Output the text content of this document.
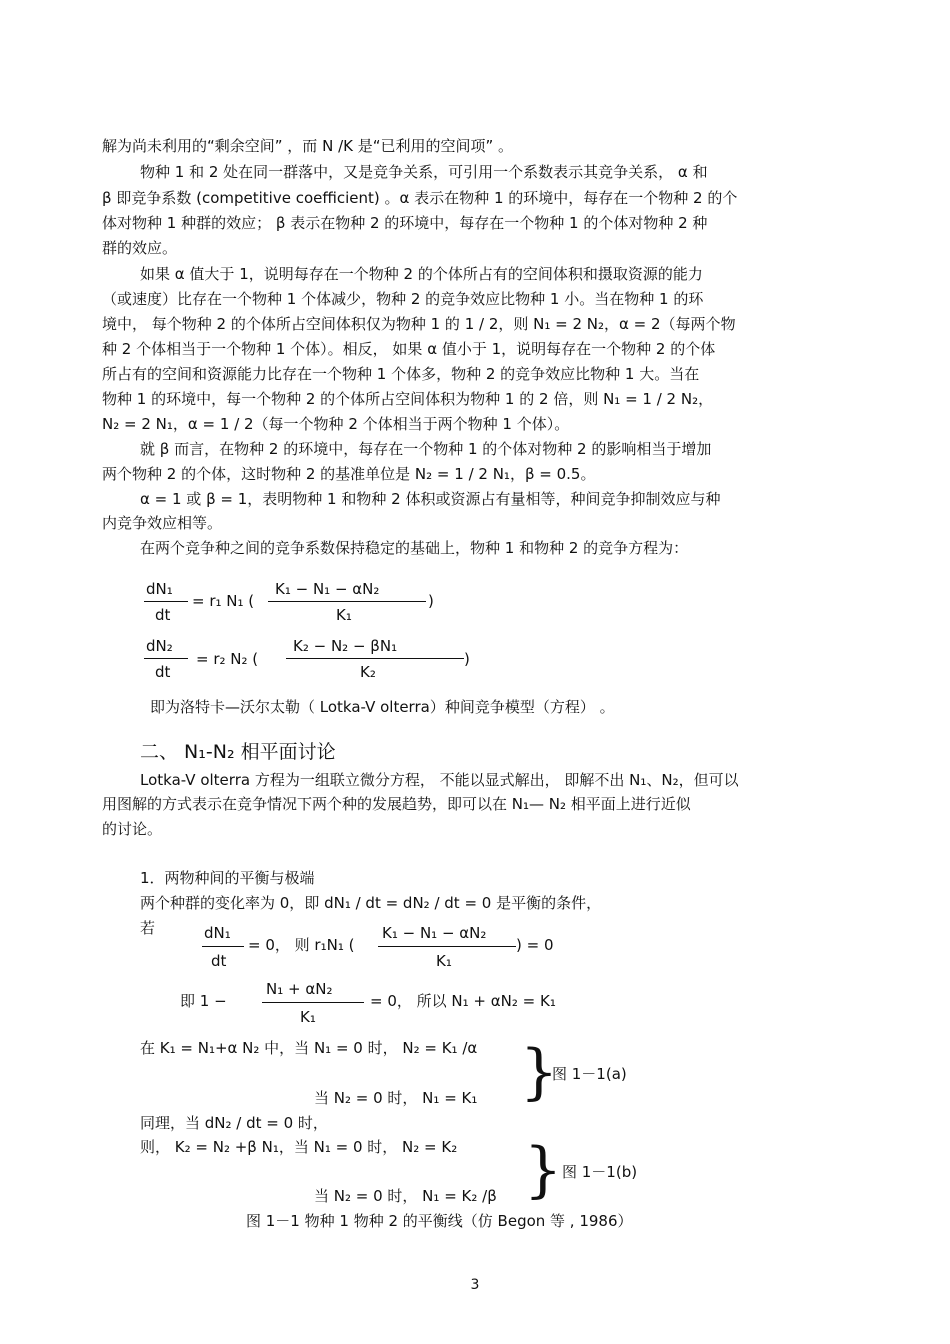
解为尚未利用的“剩余空间” ，而 N /K 是“已利用的空间项” 。
物种 1 和 2 处在同一群落中，又是竞争关系，可引用一个系数表示其竞争关系， α 和
β 即竞争系数 (competitive coefficient) 。α 表示在物种 1 的环境中，每存在一个物种 2 的个
体对物种 1 种群的效应； β 表示在物种 2 的环境中，每存在一个物种 1 的个体对物种 2 种
群的效应。
如果 α 值大于 1，说明每存在一个物种 2 的个体所占有的空间体积和摄取资源的能力
（或速度）比存在一个物种 1 个体减少，物种 2 的竞争效应比物种 1 小。当在物种 1 的环
境中， 每个物种 2 的个体所占空间体积仅为物种 1 的 1 / 2，则 N₁ = 2 N₂，α = 2（每两个物
种 2 个体相当于一个物种 1 个体）。相反， 如果 α 值小于 1，说明每存在一个物种 2 的个体
所占有的空间和资源能力比存在一个物种 1 个体多，物种 2 的竞争效应比物种 1 大。当在
物种 1 的环境中，每一个物种 2 的个体所占空间体积为物种 1 的 2 倍，则 N₁ = 1 / 2 N₂，
N₂ = 2 N₁，α = 1 / 2（每一个物种 2 个体相当于两个物种 1 个体）。
就 β 而言，在物种 2 的环境中，每存在一个物种 1 的个体对物种 2 的影响相当于增加
两个物种 2 的个体，这时物种 2 的基准单位是 N₂ = 1 / 2 N₁，β = 0.5。
α = 1 或 β = 1，表明物种 1 和物种 2 体积或资源占有量相等，种间竞争抑制效应与种
内竞争效应相等。
在两个竞争种之间的竞争系数保持稳定的基础上，物种 1 和物种 2 的竞争方程为：
dN₁
dt
= r₁ N₁ (
K₁ − N₁ − αN₂
K₁
)
dN₂
dt
= r₂ N₂ (
K₂ − N₂ − βN₁
K₂
)
即为洛特卡—沃尔太勒（ Lotka-V olterra）种间竞争模型（方程） 。
二、 N₁-N₂ 相平面讨论
Lotka-V olterra 方程为一组联立微分方程， 不能以显式解出， 即解不出 N₁、N₂，但可以
用图解的方式表示在竞争情况下两个种的发展趋势，即可以在 N₁— N₂ 相平面上进行近似
的讨论。
1．两物种间的平衡与极端
两个种群的变化率为 0，即 dN₁ / dt = dN₂ / dt = 0 是平衡的条件，
若	dN₁
dt
= 0， 则 r₁N₁ (
K₁ − N₁ − αN₂
K₁
) = 0
即 1 −
N₁ + αN₂
K₁
= 0， 所以 N₁ + αN₂ = K₁
在 K₁ = N₁+α N₂ 中，当 N₁ = 0 时， N₂ = K₁ /α
当 N₂ = 0 时， N₁ = K₁ }
图 1－1(a)
同理，当 dN₂ / dt = 0 时，
则， K₂ = N₂ +β N₁，当 N₁ = 0 时， N₂ = K₂
当 N₂ = 0 时， N₁ = K₂ /β } 图 1－1(b)
图 1－1 物种 1 物种 2 的平衡线（仿 Begon 等 , 1986）
3
